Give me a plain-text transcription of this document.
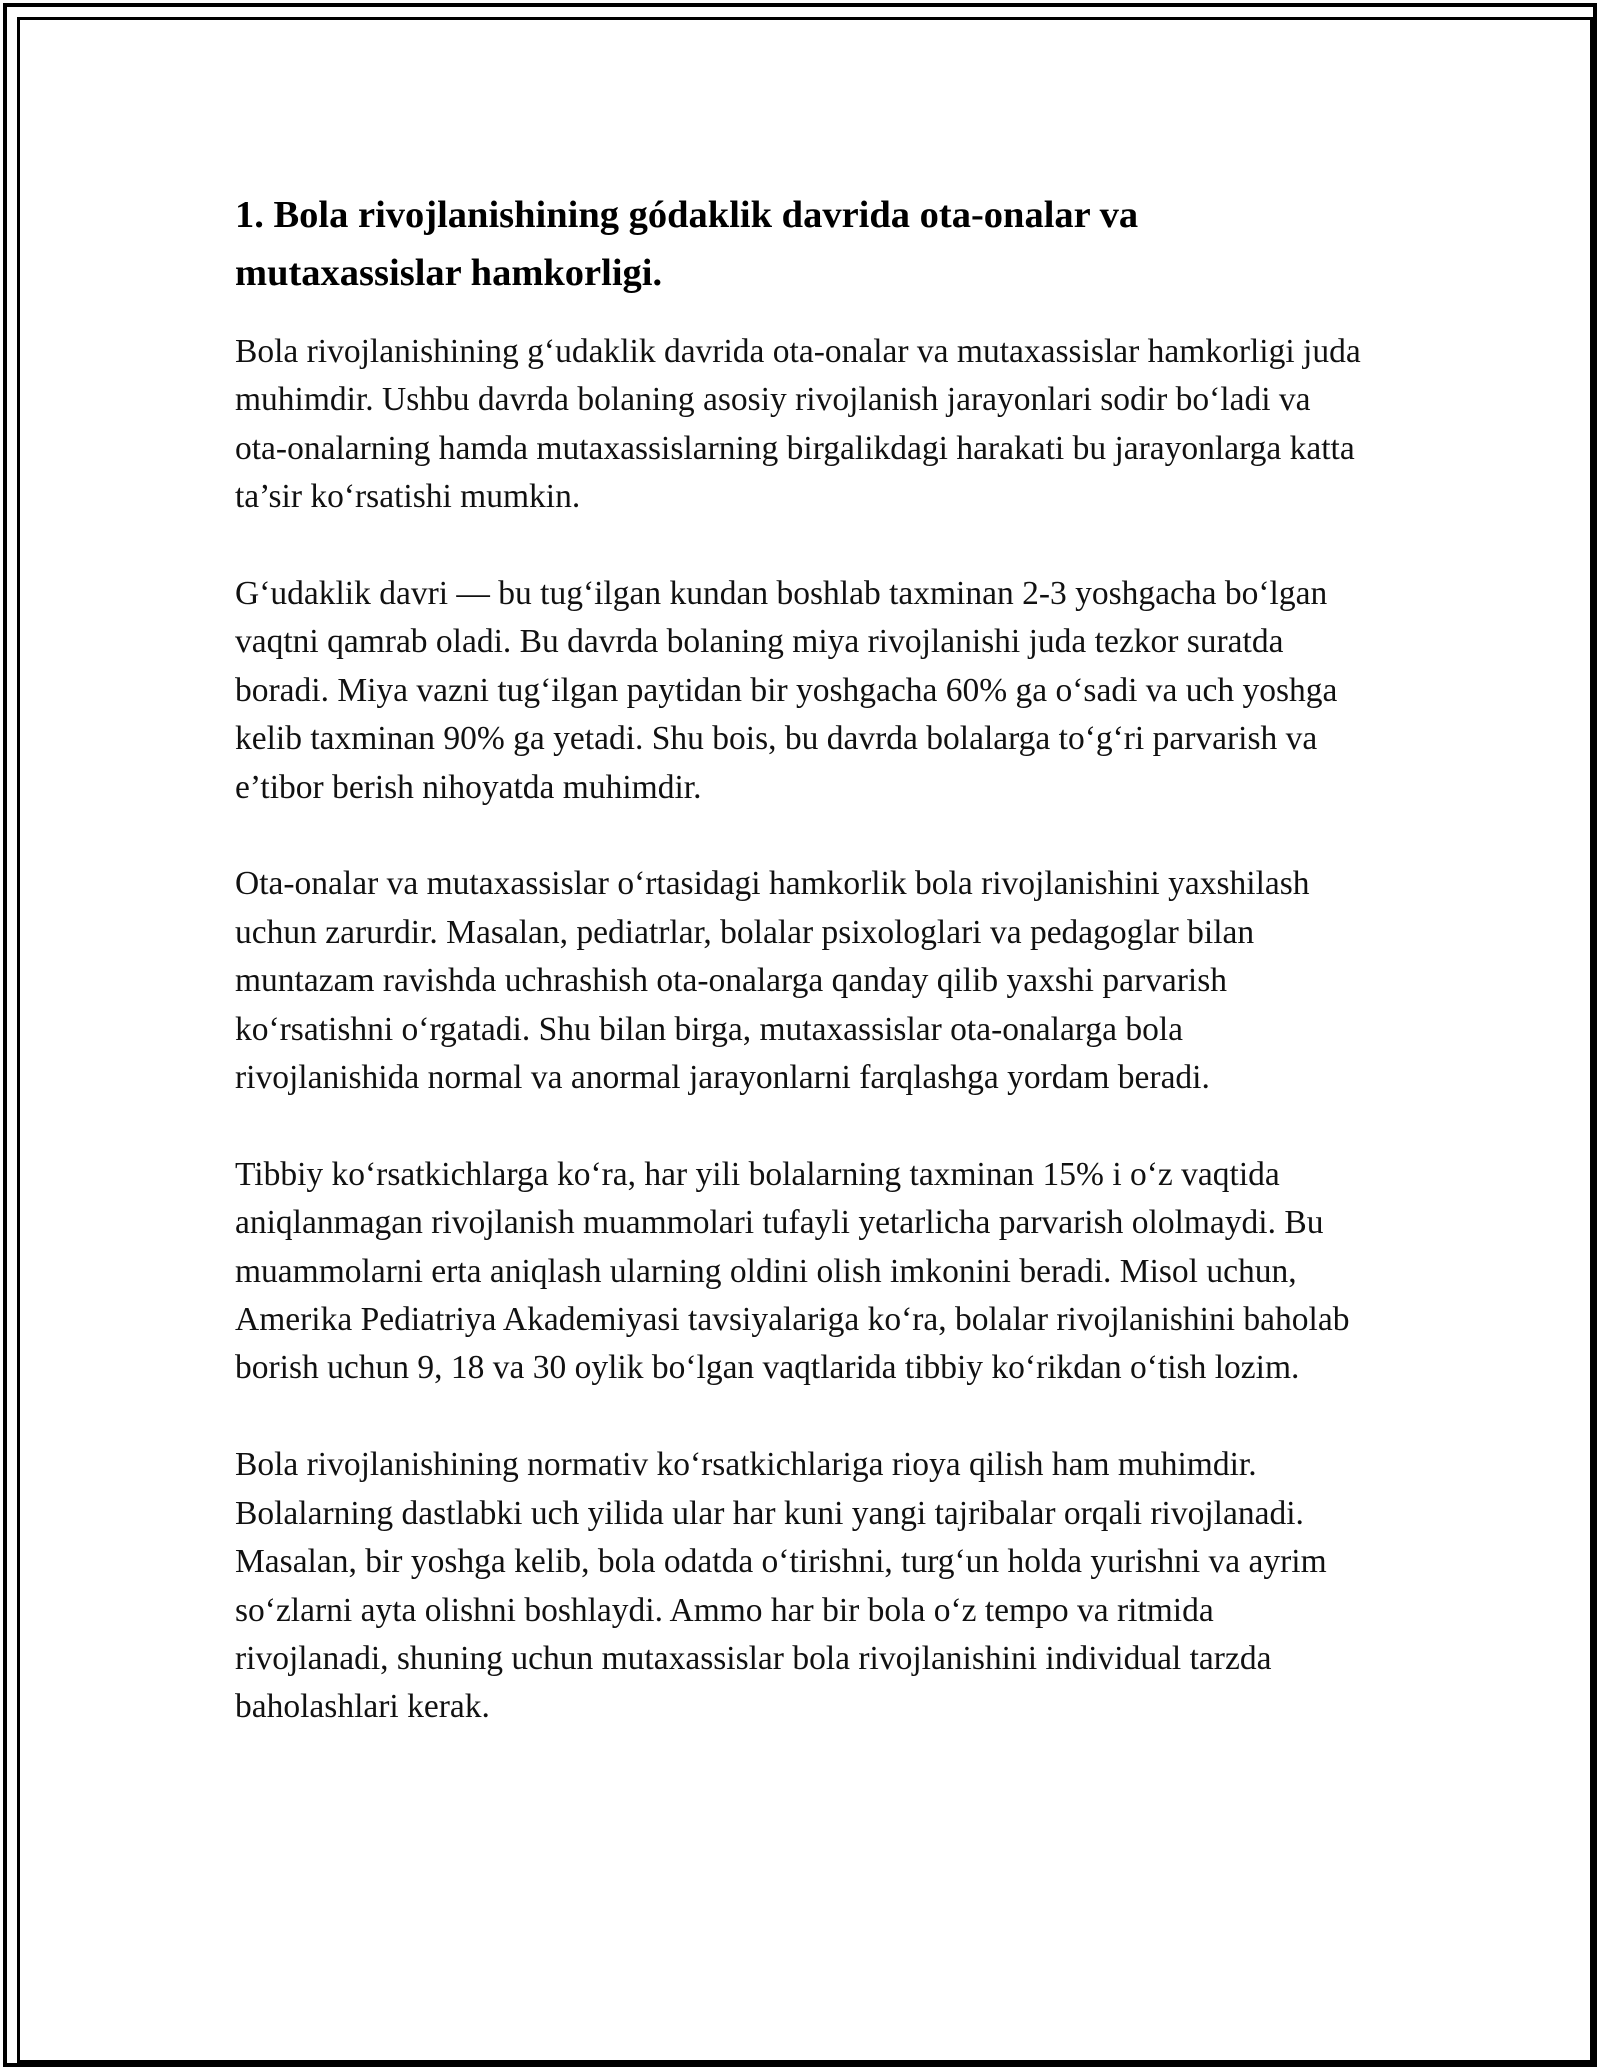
1. Bola rivojlanishining gódaklik davrida ota-onalar va mutaxassislar hamkorligi.

Bola rivojlanishining g‘udaklik davrida ota-onalar va mutaxassislar hamkorligi juda muhimdir. Ushbu davrda bolaning asosiy rivojlanish jarayonlari sodir bo‘ladi va ota-onalarning hamda mutaxassislarning birgalikdagi harakati bu jarayonlarga katta ta’sir ko‘rsatishi mumkin.

G‘udaklik davri — bu tug‘ilgan kundan boshlab taxminan 2-3 yoshgacha bo‘lgan vaqtni qamrab oladi. Bu davrda bolaning miya rivojlanishi juda tezkor suratda boradi. Miya vazni tug‘ilgan paytidan bir yoshgacha 60% ga o‘sadi va uch yoshga kelib taxminan 90% ga yetadi. Shu bois, bu davrda bolalarga to‘g‘ri parvarish va e’tibor berish nihoyatda muhimdir.

Ota-onalar va mutaxassislar o‘rtasidagi hamkorlik bola rivojlanishini yaxshilash uchun zarurdir. Masalan, pediatrlar, bolalar psixologlari va pedagoglar bilan muntazam ravishda uchrashish ota-onalarga qanday qilib yaxshi parvarish ko‘rsatishni o‘rgatadi. Shu bilan birga, mutaxassislar ota-onalarga bola rivojlanishida normal va anormal jarayonlarni farqlashga yordam beradi.

Tibbiy ko‘rsatkichlarga ko‘ra, har yili bolalarning taxminan 15% i o‘z vaqtida aniqlanmagan rivojlanish muammolari tufayli yetarlicha parvarish ololmaydi. Bu muammolarni erta aniqlash ularning oldini olish imkonini beradi. Misol uchun, Amerika Pediatriya Akademiyasi tavsiyalariga ko‘ra, bolalar rivojlanishini baholab borish uchun 9, 18 va 30 oylik bo‘lgan vaqtlarida tibbiy ko‘rikdan o‘tish lozim.

Bola rivojlanishining normativ ko‘rsatkichlariga rioya qilish ham muhimdir. Bolalarning dastlabki uch yilida ular har kuni yangi tajribalar orqali rivojlanadi. Masalan, bir yoshga kelib, bola odatda o‘tirishni, turg‘un holda yurishni va ayrim so‘zlarni ayta olishni boshlaydi. Ammo har bir bola o‘z tempo va ritmida rivojlanadi, shuning uchun mutaxassislar bola rivojlanishini individual tarzda baholashlari kerak.
